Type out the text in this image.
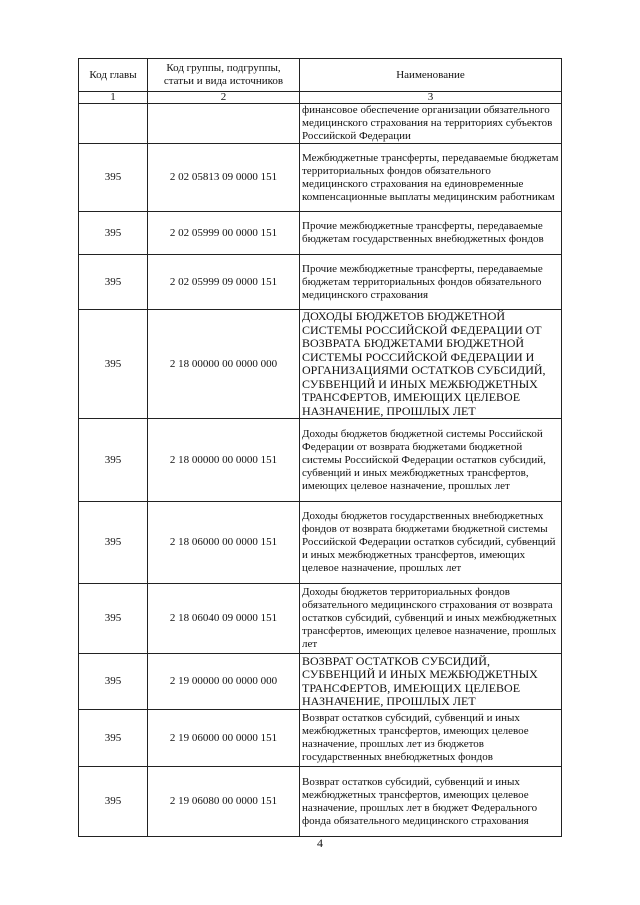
Код главы	Код группы, подгруппы, статьи и вида источников	Наименование
1	2	3
		финансовое обеспечение организации обязательного медицинского страхования на территориях субъектов Российской Федерации
395	2 02 05813 09 0000 151	Межбюджетные трансферты, передаваемые бюджетам территориальных фондов обязательного медицинского страхования на единовременные компенсационные выплаты медицинским работникам
395	2 02 05999 00 0000 151	Прочие межбюджетные трансферты, передаваемые бюджетам государственных внебюджетных фондов
395	2 02 05999 09 0000 151	Прочие межбюджетные трансферты, передаваемые бюджетам территориальных фондов обязательного медицинского страхования
395	2 18 00000 00 0000 000	ДОХОДЫ БЮДЖЕТОВ БЮДЖЕТНОЙ СИСТЕМЫ РОССИЙСКОЙ ФЕДЕРАЦИИ ОТ ВОЗВРАТА БЮДЖЕТАМИ БЮДЖЕТНОЙ СИСТЕМЫ РОССИЙСКОЙ ФЕДЕРАЦИИ И ОРГАНИЗАЦИЯМИ ОСТАТКОВ СУБСИДИЙ, СУБВЕНЦИЙ И ИНЫХ МЕЖБЮДЖЕТНЫХ ТРАНСФЕРТОВ, ИМЕЮЩИХ ЦЕЛЕВОЕ НАЗНАЧЕНИЕ, ПРОШЛЫХ ЛЕТ
395	2 18 00000 00 0000 151	Доходы бюджетов бюджетной системы Российской Федерации от возврата бюджетами бюджетной системы Российской Федерации остатков субсидий, субвенций и иных межбюджетных трансфертов, имеющих целевое назначение, прошлых лет
395	2 18 06000 00 0000 151	Доходы бюджетов государственных внебюджетных фондов от возврата бюджетами бюджетной системы Российской Федерации остатков субсидий, субвенций и иных межбюджетных трансфертов, имеющих целевое назначение, прошлых лет
395	2 18 06040 09 0000 151	Доходы бюджетов территориальных фондов обязательного медицинского страхования от возврата остатков субсидий, субвенций и иных межбюджетных трансфертов, имеющих целевое назначение, прошлых лет
395	2 19 00000 00 0000 000	ВОЗВРАТ ОСТАТКОВ СУБСИДИЙ, СУБВЕНЦИЙ И ИНЫХ МЕЖБЮДЖЕТНЫХ ТРАНСФЕРТОВ, ИМЕЮЩИХ ЦЕЛЕВОЕ НАЗНАЧЕНИЕ, ПРОШЛЫХ ЛЕТ
395	2 19 06000 00 0000 151	Возврат остатков субсидий, субвенций и иных межбюджетных трансфертов, имеющих целевое назначение, прошлых лет из бюджетов государственных внебюджетных фондов
395	2 19 06080 00 0000 151	Возврат остатков субсидий, субвенций и иных межбюджетных трансфертов, имеющих целевое назначение, прошлых лет в бюджет Федерального фонда обязательного медицинского страхования
4
